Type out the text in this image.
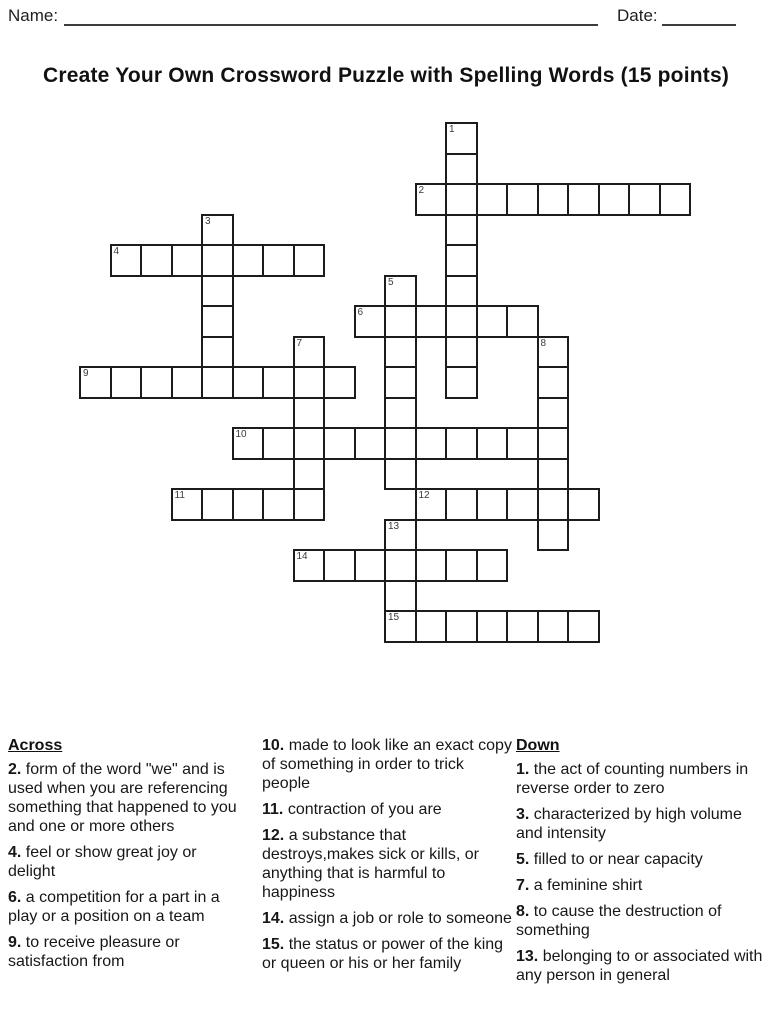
Name:	Date:
Create Your Own Crossword Puzzle with Spelling Words (15 points)
1
2
3
4
5
6
7	8
9
10
11	12
13
15
14
Across
2. form of the word "we" and is used when you are referencing something that happened to you and one or more others
4. feel or show great joy or delight
6. a competition for a part in a play or a position on a team
9. to receive pleasure or satisfaction from
10. made to look like an exact copy of something in order to trick people
11. contraction of you are
12. a substance that destroys,makes sick or kills, or anything that is harmful to happiness
14. assign a job or role to someone
15. the status or power of the king or queen or his or her family
Down
1. the act of counting numbers in reverse order to zero
3. characterized by high volume and intensity
5. filled to or near capacity
7. a feminine shirt
8. to cause the destruction of something
13. belonging to or associated with any person in general
